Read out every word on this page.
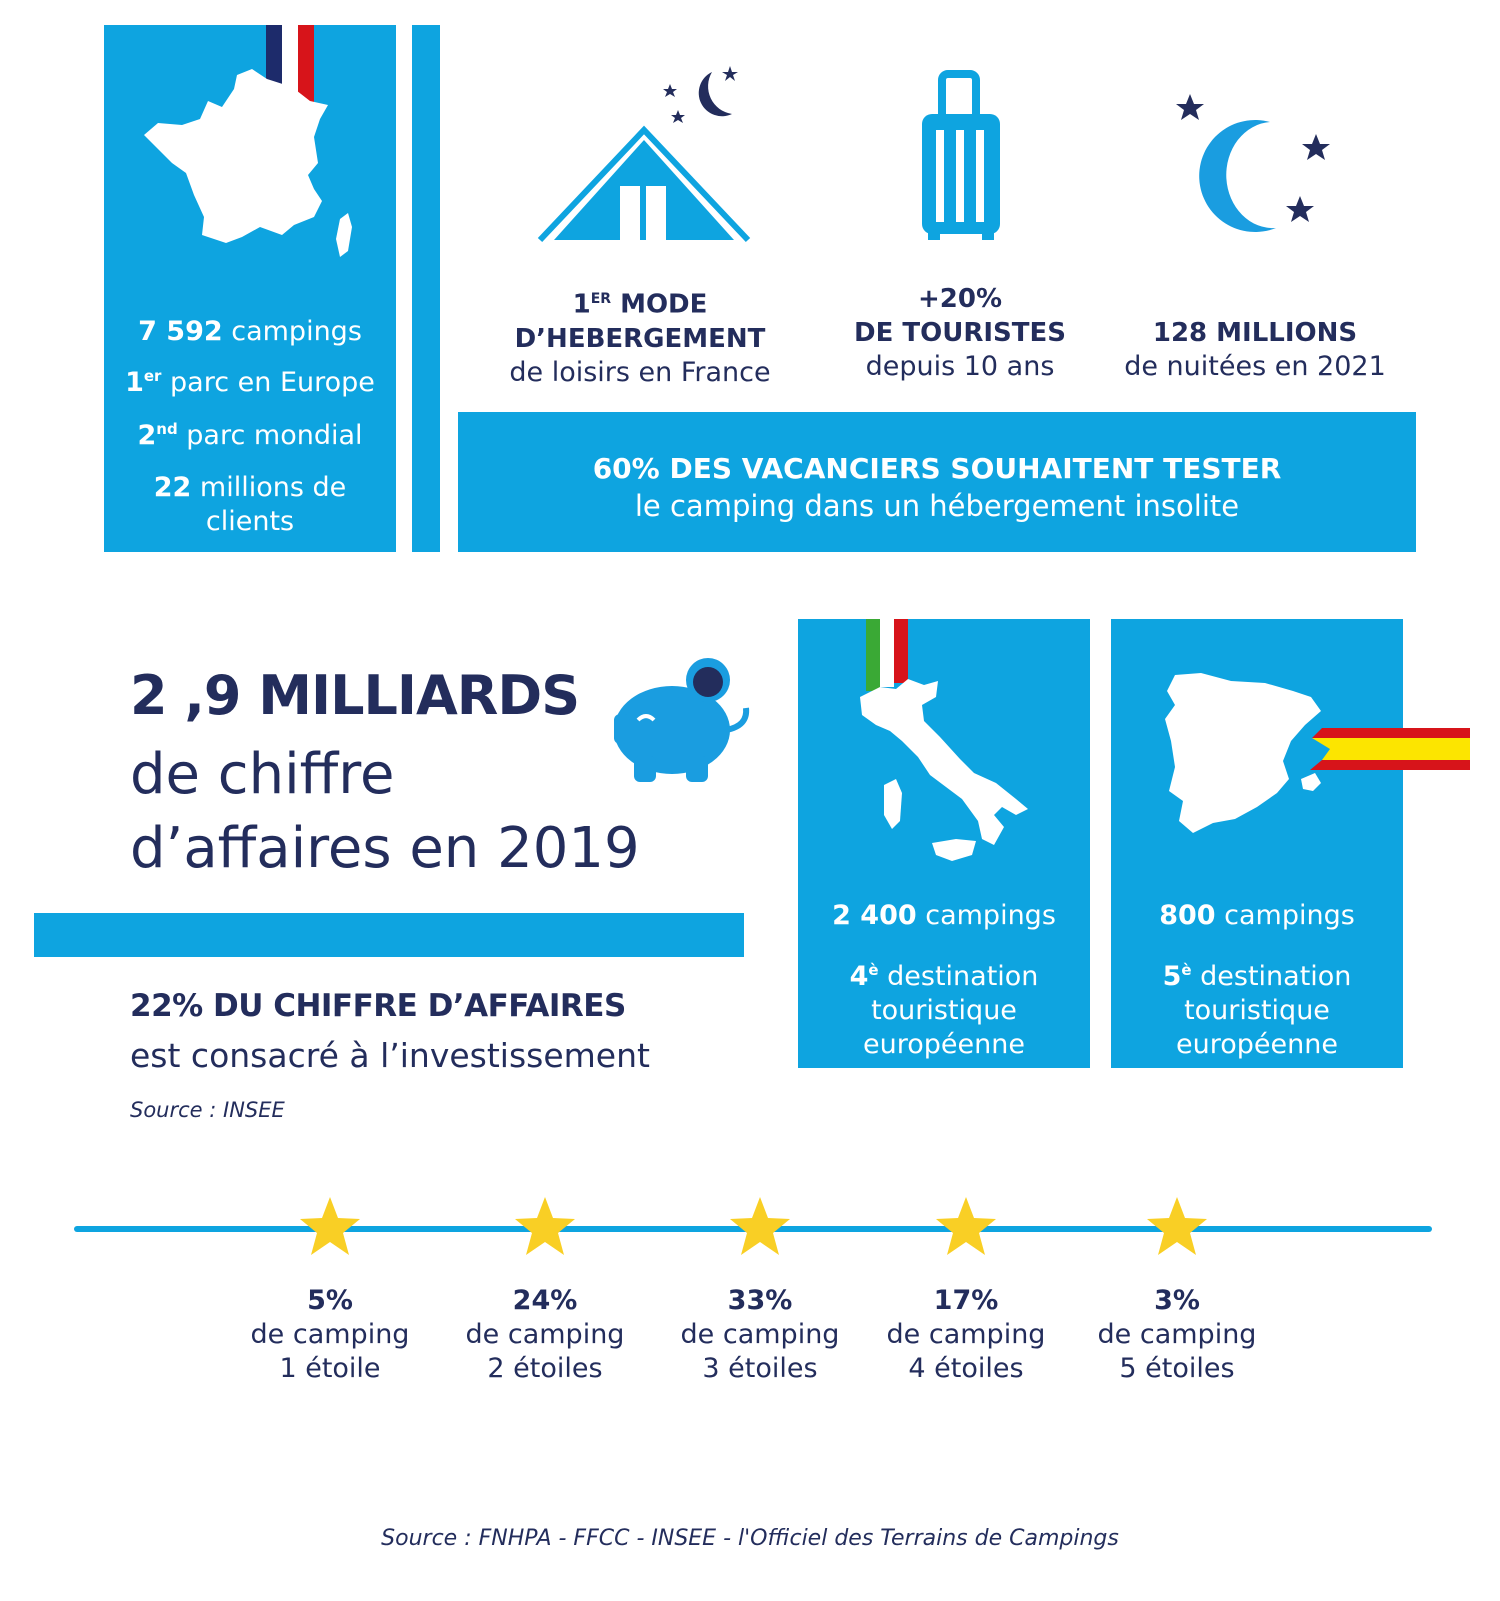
7 592 campings
1er parc en Europe
2nd parc mondial
22 millions de
clients
1ER MODE
D’HEBERGEMENT
de loisirs en France
+20%
DE TOURISTES
depuis 10 ans
128 MILLIONS
de nuitées en 2021
60% DES VACANCIERS SOUHAITENT TESTER
le camping dans un hébergement insolite
2 ,9 MILLIARDS
de chiffre
d’affaires en 2019
22% DU CHIFFRE D’AFFAIRES
est consacré à l’investissement
Source : INSEE
2 400 campings
$4^è$ destination
touristique
européenne
800 campings
$5^è$ destination
touristique
européenne
5%
de camping
1 étoile
24%
de camping
2 étoiles
33%
de camping
3 étoiles
17%
de camping
4 étoiles
3%
de camping
5 étoiles
Source : FNHPA - FFCC - INSEE - l'Officiel des Terrains de Campings
